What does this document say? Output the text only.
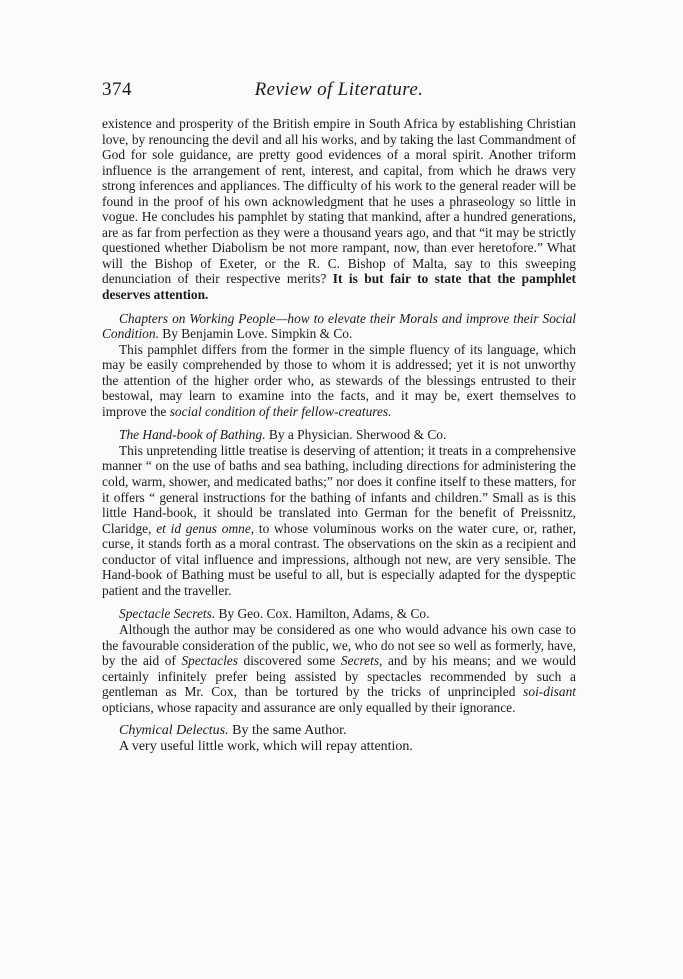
374	Review of Literature.

existence and prosperity of the British empire in South Africa by establishing Christian love, by renouncing the devil and all his works, and by taking the last Commandment of God for sole guidance, are pretty good evidences of a moral spirit. Another triform influence is the arrangement of rent, interest, and capital, from which he draws very strong inferences and appliances. The difficulty of his work to the general reader will be found in the proof of his own acknowledgment that he uses a phraseology so little in vogue. He concludes his pamphlet by stating that mankind, after a hundred generations, are as far from perfection as they were a thousand years ago, and that “it may be strictly questioned whether Diabolism be not more rampant, now, than ever heretofore.” What will the Bishop of Exeter, or the R. C. Bishop of Malta, say to this sweeping denunciation of their respective merits? It is but fair to state that the pamphlet deserves attention.

Chapters on Working People—how to elevate their Morals and improve their Social Condition. By Benjamin Love. Simpkin & Co.

This pamphlet differs from the former in the simple fluency of its language, which may be easily comprehended by those to whom it is addressed; yet it is not unworthy the attention of the higher order who, as stewards of the blessings entrusted to their bestowal, may learn to examine into the facts, and it may be, exert themselves to improve the social condition of their fellow-creatures.

The Hand-book of Bathing. By a Physician. Sherwood & Co.

This unpretending little treatise is deserving of attention; it treats in a comprehensive manner “ on the use of baths and sea bathing, including directions for administering the cold, warm, shower, and medicated baths;” nor does it confine itself to these matters, for it offers “ general instructions for the bathing of infants and children.” Small as is this little Hand-book, it should be translated into German for the benefit of Preissnitz, Claridge, et id genus omne, to whose voluminous works on the water cure, or, rather, curse, it stands forth as a moral contrast. The observations on the skin as a recipient and conductor of vital influence and impressions, although not new, are very sensible. The Hand-book of Bathing must be useful to all, but is especially adapted for the dyspeptic patient and the traveller.

Spectacle Secrets. By Geo. Cox. Hamilton, Adams, & Co.

Although the author may be considered as one who would advance his own case to the favourable consideration of the public, we, who do not see so well as formerly, have, by the aid of Spectacles discovered some Secrets, and by his means; and we would certainly infinitely prefer being assisted by spectacles recommended by such a gentleman as Mr. Cox, than be tortured by the tricks of unprincipled soi-disant opticians, whose rapacity and assurance are only equalled by their ignorance.

Chymical Delectus. By the same Author.

A very useful little work, which will repay attention.
